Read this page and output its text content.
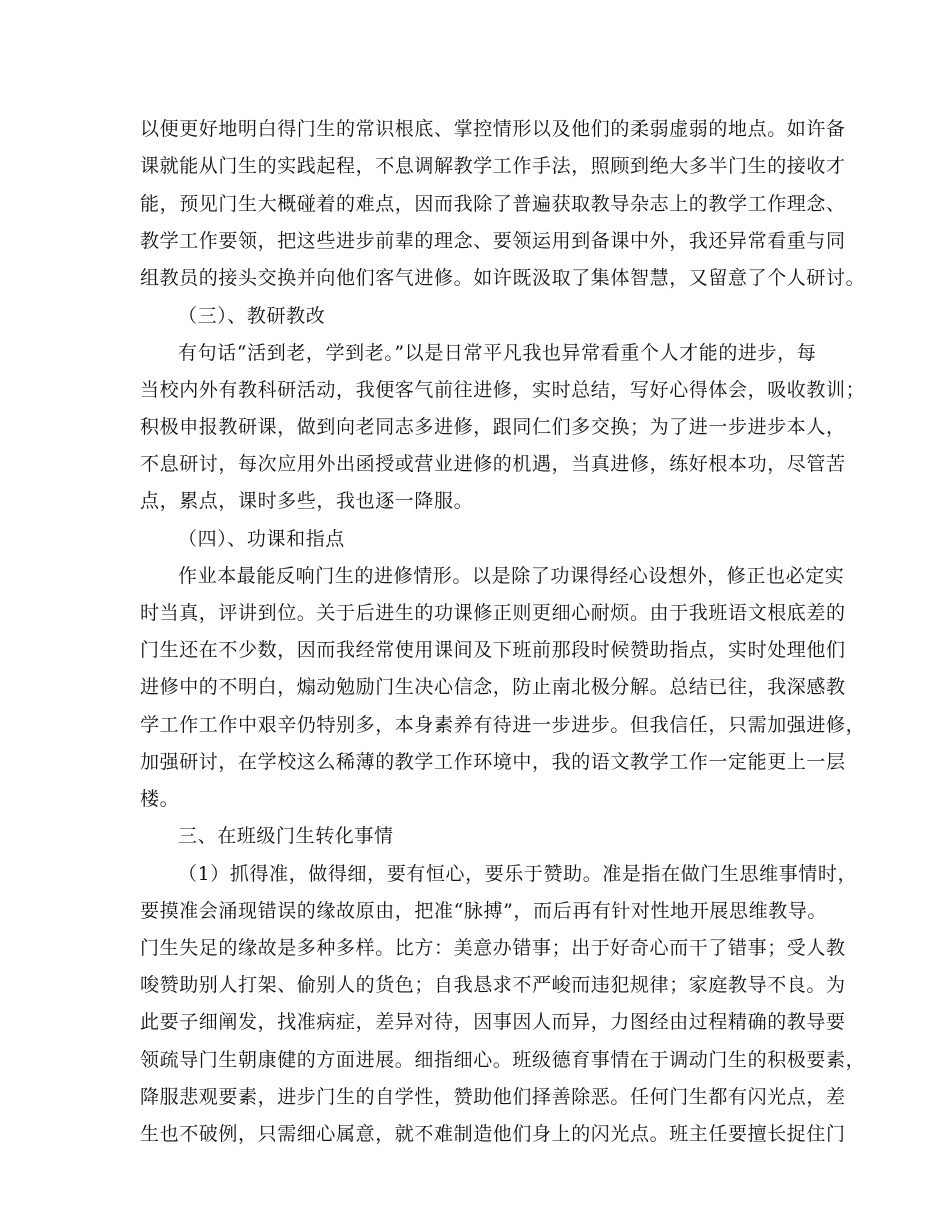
以便更好地明白得门生的常识根底、掌控情形以及他们的柔弱虚弱的地点。如许备
课就能从门生的实践起程，不息调解教学工作手法，照顾到绝大多半门生的接收才
能，预见门生大概碰着的难点，因而我除了普遍获取教导杂志上的教学工作理念、
教学工作要领，把这些进步前辈的理念、要领运用到备课中外，我还异常看重与同
组教员的接头交换并向他们客气进修。如许既汲取了集体智慧，又留意了个人研讨。
（三）、教研教改
有句话“活到老，学到老。”以是日常平凡我也异常看重个人才能的进步，每
当校内外有教科研活动，我便客气前往进修，实时总结，写好心得体会，吸收教训；
积极申报教研课，做到向老同志多进修，跟同仁们多交换；为了进一步进步本人，
不息研讨，每次应用外出函授或营业进修的机遇，当真进修，练好根本功，尽管苦
点，累点，课时多些，我也逐一降服。
（四）、功课和指点
作业本最能反响门生的进修情形。以是除了功课得经心设想外，修正也必定实
时当真，评讲到位。关于后进生的功课修正则更细心耐烦。由于我班语文根底差的
门生还在不少数，因而我经常使用课间及下班前那段时候赞助指点，实时处理他们
进修中的不明白，煽动勉励门生决心信念，防止南北极分解。总结已往，我深感教
学工作工作中艰辛仍特别多，本身素养有待进一步进步。但我信任，只需加强进修，
加强研讨，在学校这么稀薄的教学工作环境中，我的语文教学工作一定能更上一层
楼。
三、在班级门生转化事情
（1）抓得准，做得细，要有恒心，要乐于赞助。准是指在做门生思维事情时，
要摸准会涌现错误的缘故原由，把准“脉搏”，而后再有针对性地开展思维教导。
门生失足的缘故是多种多样。比方：美意办错事；出于好奇心而干了错事；受人教
唆赞助别人打架、偷别人的货色；自我恳求不严峻而违犯规律；家庭教导不良。为
此要子细阐发，找准病症，差异对待，因事因人而异，力图经由过程精确的教导要
领疏导门生朝康健的方面进展。细指细心。班级德育事情在于调动门生的积极要素，
降服悲观要素，进步门生的自学性，赞助他们择善除恶。任何门生都有闪光点，差
生也不破例，只需细心属意，就不难制造他们身上的闪光点。班主任要擅长捉住门
